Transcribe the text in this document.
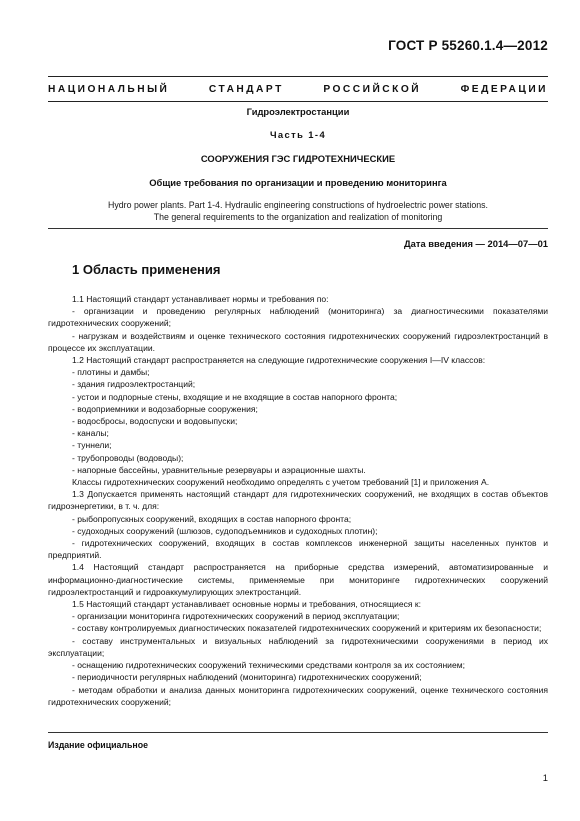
ГОСТ Р 55260.1.4—2012
НАЦИОНАЛЬНЫЙ СТАНДАРТ РОССИЙСКОЙ ФЕДЕРАЦИИ
Гидроэлектростанции
Часть 1-4
СООРУЖЕНИЯ ГЭС ГИДРОТЕХНИЧЕСКИЕ
Общие требования по организации и проведению мониторинга
Hydro power plants. Part 1-4. Hydraulic engineering constructions of hydroelectric power stations.
The general requirements to the organization and realization of monitoring
Дата введения — 2014—07—01
1 Область применения
1.1 Настоящий стандарт устанавливает нормы и требования по:
- организации и проведению регулярных наблюдений (мониторинга) за диагностическими показателями гидротехнических сооружений;
- нагрузкам и воздействиям и оценке технического состояния гидротехнических сооружений гидроэлектростанций в процессе их эксплуатации.
1.2 Настоящий стандарт распространяется на следующие гидротехнические сооружения I—IV классов:
- плотины и дамбы;
- здания гидроэлектростанций;
- устои и подпорные стены, входящие и не входящие в состав напорного фронта;
- водоприемники и водозаборные сооружения;
- водосбросы, водоспуски и водовыпуски;
- каналы;
- туннели;
- трубопроводы (водоводы);
- напорные бассейны, уравнительные резервуары и аэрационные шахты.
Классы гидротехнических сооружений необходимо определять с учетом требований [1] и приложения А.
1.3 Допускается применять настоящий стандарт для гидротехнических сооружений, не входящих в состав объектов гидроэнергетики, в т. ч. для:
- рыбопропускных сооружений, входящих в состав напорного фронта;
- судоходных сооружений (шлюзов, судоподъемников и судоходных плотин);
- гидротехнических сооружений, входящих в состав комплексов инженерной защиты населенных пунктов и предприятий.
1.4 Настоящий стандарт распространяется на приборные средства измерений, автоматизированные и информационно-диагностические системы, применяемые при мониторинге гидротехнических сооружений гидроэлектростанций и гидроаккумулирующих электростанций.
1.5 Настоящий стандарт устанавливает основные нормы и требования, относящиеся к:
- организации мониторинга гидротехнических сооружений в период эксплуатации;
- составу контролируемых диагностических показателей гидротехнических сооружений и критериям их безопасности;
- составу инструментальных и визуальных наблюдений за гидротехническими сооружениями в период их эксплуатации;
- оснащению гидротехнических сооружений техническими средствами контроля за их состоянием;
- периодичности регулярных наблюдений (мониторинга) гидротехнических сооружений;
- методам обработки и анализа данных мониторинга гидротехнических сооружений, оценке технического состояния гидротехнических сооружений;
Издание официальное
1
